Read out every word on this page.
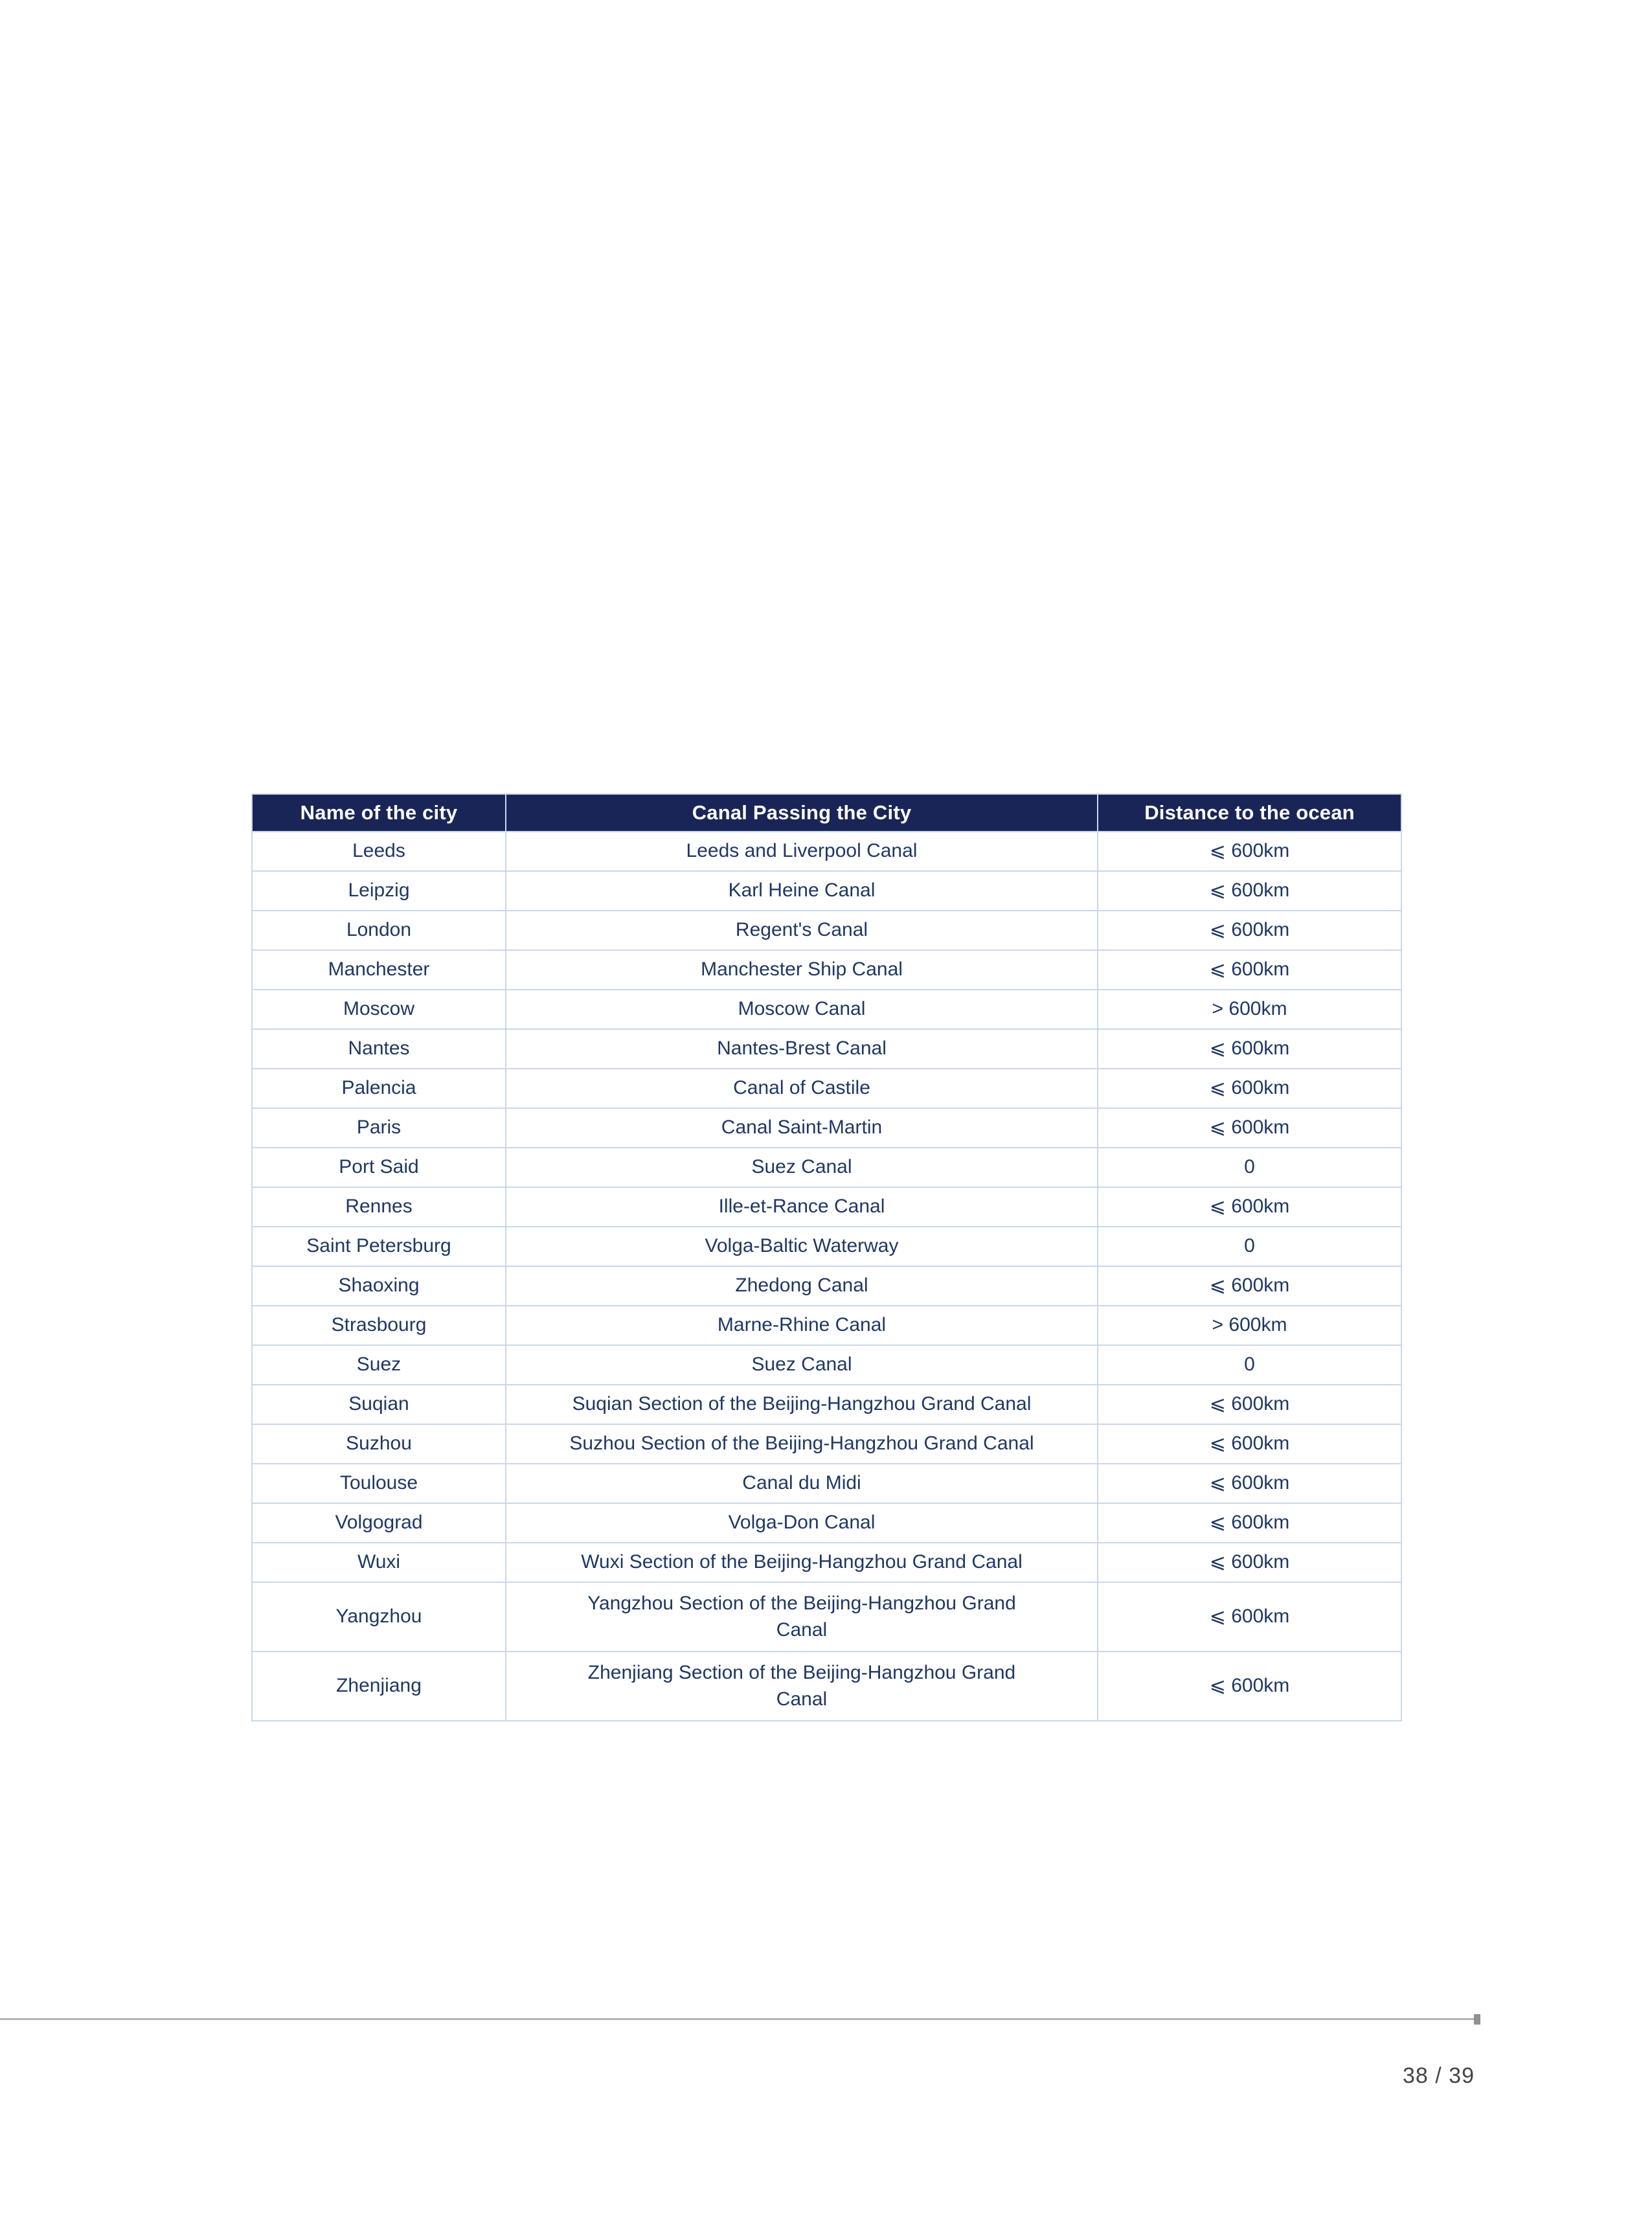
Name of the city	Canal Passing the City	Distance to the ocean
Leeds	Leeds and Liverpool Canal	⩽ 600km
Leipzig	Karl Heine Canal	⩽ 600km
London	Regent's Canal	⩽ 600km
Manchester	Manchester Ship Canal	⩽ 600km
Moscow	Moscow Canal	> 600km
Nantes	Nantes-Brest Canal	⩽ 600km
Palencia	Canal of Castile	⩽ 600km
Paris	Canal Saint-Martin	⩽ 600km
Port Said	Suez Canal	0
Rennes	Ille-et-Rance Canal	⩽ 600km
Saint Petersburg	Volga-Baltic Waterway	0
Shaoxing	Zhedong Canal	⩽ 600km
Strasbourg	Marne-Rhine Canal	> 600km
Suez	Suez Canal	0
Suqian	Suqian Section of the Beijing-Hangzhou Grand Canal	⩽ 600km
Suzhou	Suzhou Section of the Beijing-Hangzhou Grand Canal	⩽ 600km
Toulouse	Canal du Midi	⩽ 600km
Volgograd	Volga-Don Canal	⩽ 600km
Wuxi	Wuxi Section of the Beijing-Hangzhou Grand Canal	⩽ 600km
Yangzhou	Yangzhou Section of the Beijing-Hangzhou Grand Canal	⩽ 600km
Zhenjiang	Zhenjiang Section of the Beijing-Hangzhou Grand Canal	⩽ 600km
38 / 39
